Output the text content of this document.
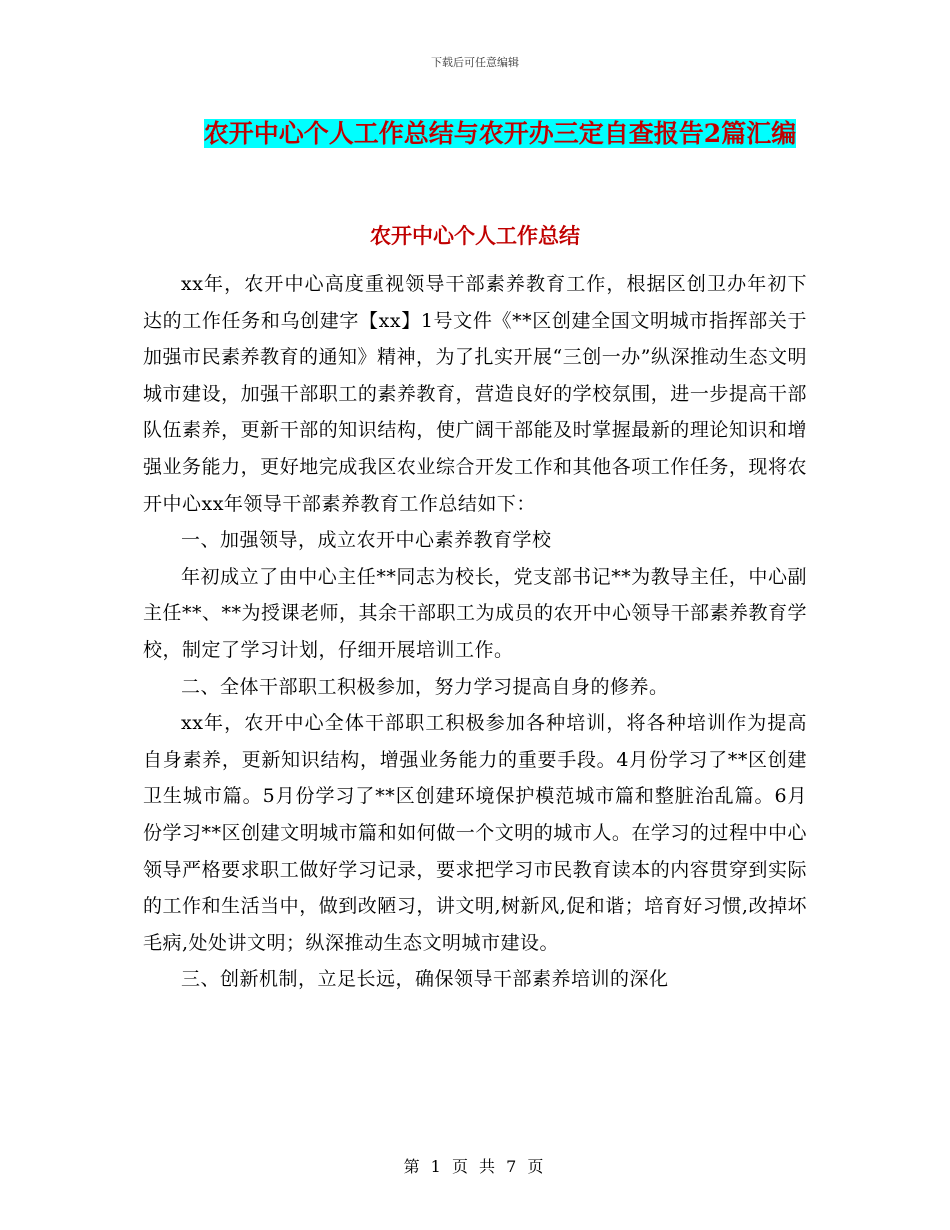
下载后可任意编辑
农开中心个人工作总结与农开办三定自查报告2篇汇编
农开中心个人工作总结

xx年，农开中心高度重视领导干部素养教育工作，根据区创卫办年初下达的工作任务和乌创建字【xx】1号文件《**区创建全国文明城市指挥部关于加强市民素养教育的通知》精神，为了扎实开展“三创一办”纵深推动生态文明城市建设，加强干部职工的素养教育，营造良好的学校氛围，进一步提高干部队伍素养，更新干部的知识结构，使广阔干部能及时掌握最新的理论知识和增强业务能力，更好地完成我区农业综合开发工作和其他各项工作任务，现将农开中心xx年领导干部素养教育工作总结如下：

一、加强领导，成立农开中心素养教育学校

年初成立了由中心主任**同志为校长，党支部书记**为教导主任，中心副主任**、**为授课老师，其余干部职工为成员的农开中心领导干部素养教育学校，制定了学习计划，仔细开展培训工作。

二、全体干部职工积极参加，努力学习提高自身的修养。

xx年，农开中心全体干部职工积极参加各种培训，将各种培训作为提高自身素养，更新知识结构，增强业务能力的重要手段。4月份学习了**区创建卫生城市篇。5月份学习了**区创建环境保护模范城市篇和整脏治乱篇。6月份学习**区创建文明城市篇和如何做一个文明的城市人。在学习的过程中中心领导严格要求职工做好学习记录，要求把学习市民教育读本的内容贯穿到实际的工作和生活当中，做到改陋习，讲文明,树新风,促和谐；培育好习惯,改掉坏毛病,处处讲文明；纵深推动生态文明城市建设。

三、创新机制，立足长远，确保领导干部素养培训的深化

第 1 页 共 7 页
